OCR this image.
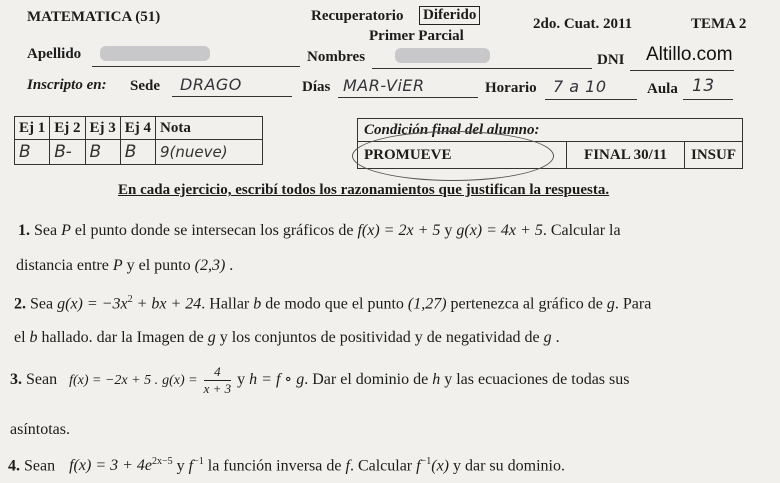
MATEMATICA (51)	Recuperatorio Diferido
Primer Parcial
2do. Cuat. 2011	TEMA 2
Apellido	Nombres	DNI Altillo.com
Inscripto en: Sede DRAGO	Días MAR-ViER	Horario 7 a 10	Aula 13
Ej 1	Ej 2	Ej 3	Ej 4	Nota
B	B-	B	B	9(nueve)
Condición final del alumno:
PROMUEVE	FINAL 30/11	INSUF
En cada ejercicio, escribí todos los razonamientos que justifican la respuesta.
1. Sea P el punto donde se intersecan los gráficos de f(x) = 2x + 5 y g(x) = 4x + 5. Calcular la
distancia entre P y el punto (2,3) .
2. Sea $g(x) = -3x^2$ + bx + 24. Hallar b de modo que el punto (1,27) pertenezca al gráfico de g. Para
el b hallado. dar la Imagen de g y los conjuntos de positividad y de negatividad de g .
3. Sean f(x) = −2x + 5 . $g(x) = \frac{4}{x + 3}$ y h = f ∘ g. Dar el dominio de h y las ecuaciones de todas sus
asíntotas.
4. Sean $f(x) = 3 + 4e^{2x-5}$ y $f^{-1}$ la función inversa de f. Calcular $f^{-1}(x)$ y dar su dominio.
